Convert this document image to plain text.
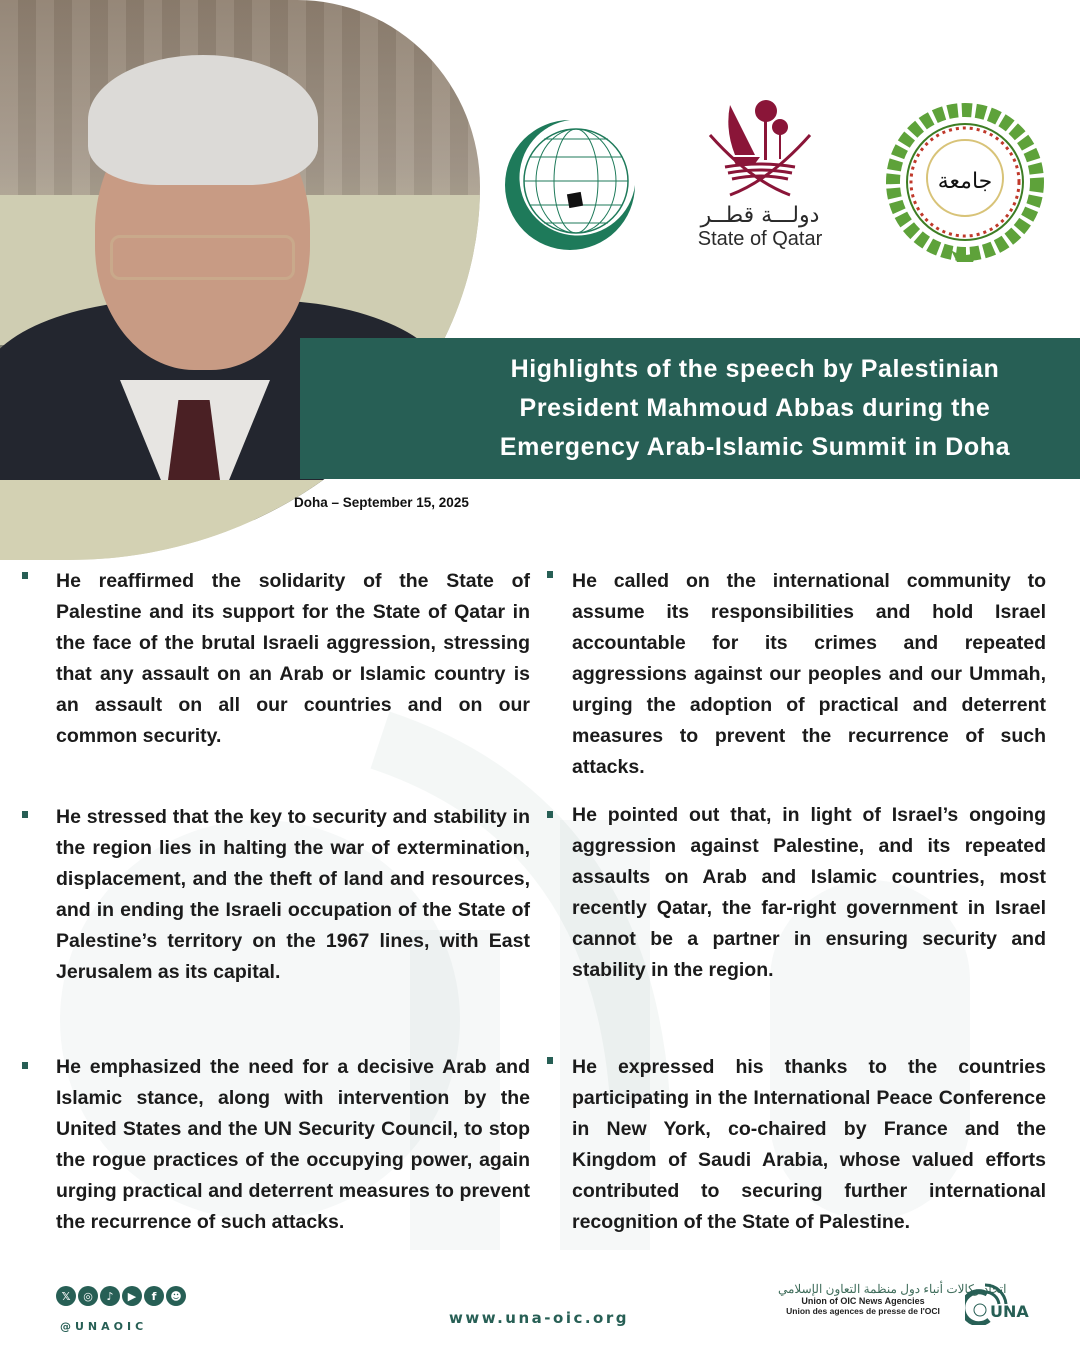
دولـــة قطــر
State of Qatar
جامعة
Highlights of the speech by Palestinian President Mahmoud Abbas during the Emergency Arab-Islamic Summit in Doha
Doha – September 15, 2025

He reaffirmed the solidarity of the State of Palestine and its support for the State of Qatar in the face of the brutal Israeli aggression, stressing that any assault on an Arab or Islamic country is an assault on all our countries and on our common security.

He called on the international community to assume its responsibilities and hold Israel accountable for its crimes and repeated aggressions against our peoples and our Ummah, urging the adoption of practical and deterrent measures to prevent the recurrence of such attacks.

He stressed that the key to security and stability in the region lies in halting the war of extermination, displacement, and the theft of land and resources, and in ending the Israeli occupation of the State of Palestine’s territory on the 1967 lines, with East Jerusalem as its capital.

He pointed out that, in light of Israel’s ongoing aggression against Palestine, and its repeated assaults on Arab and Islamic countries, most recently Qatar, the far-right government in Israel cannot be a partner in ensuring security and stability in the region.

He emphasized the need for a decisive Arab and Islamic stance, along with intervention by the United States and the UN Security Council, to stop the rogue practices of the occupying power, again urging practical and deterrent measures to prevent the recurrence of such attacks.

He expressed his thanks to the countries participating in the International Peace Conference in New York, co-chaired by France and the Kingdom of Saudi Arabia, whose valued efforts contributed to securing further international recognition of the State of Palestine.

𝕏	◎	♪	▶	f	☻
@UNAOIC	www.una-oic.org
اتحاد وكالات أنباء دول منظمة التعاون الإسلامي
Union of OIC News Agencies
Union des agences de presse de l'OCI	UNA
